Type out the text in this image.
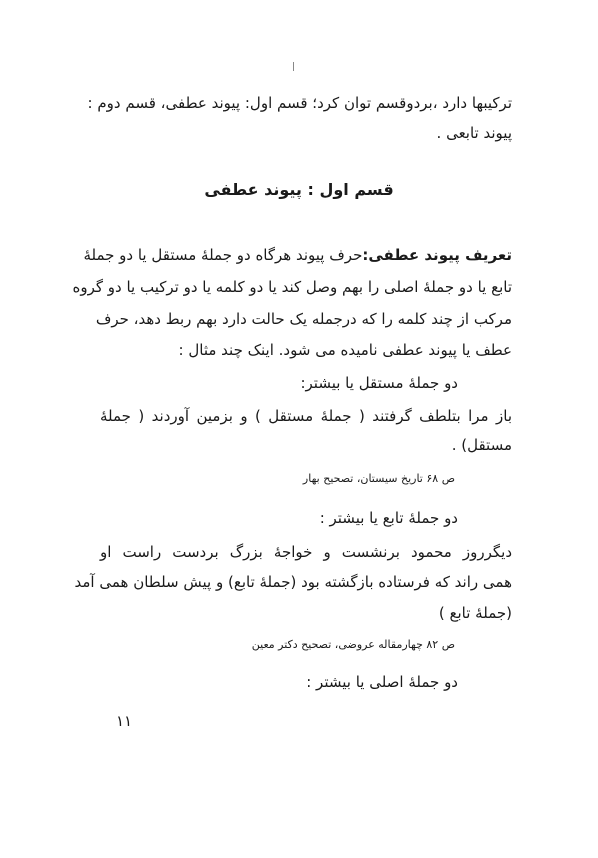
ترکیبها دارد ،بردوقسم توان کرد؛ قسم اول: پیوند عطفی، قسم دوم :
پیوند تابعی .
قسم اول : پیوند عطفی
تعریف پیوند عطفی:حرف پیوند هرگاه دو جملهٔ مستقل یا دو جملهٔ
تابع یا دو جملهٔ اصلی را بهم وصل کند یا دو کلمه یا دو ترکیب یا دو گروه
مرکب از چند کلمه را که درجمله یک حالت دارد بهم ربط دهد، حرف
عطف یا پیوند عطفی نامیده می شود. اینک چند مثال :
دو جملهٔ مستقل یا بیشتر:
باز مرا بتلطف گرفتند ( جملهٔ مستقل ) و بزمین آوردند ( جملهٔ
مستقل) .
ص ۶۸ تاریخ سیستان، تصحیح بهار
دو جملهٔ تابع یا بیشتر :
دیگرروز محمود برنشست و خواجهٔ بزرگ بردست راست او
همی راند که فرستاده بازگشته بود (جملهٔ تابع) و پیش سلطان همی آمد
(جملهٔ تابع )
ص ۸۲ چهارمقاله عروضی، تصحیح دکتر معین
دو جملهٔ اصلی یا بیشتر :
۱۱
